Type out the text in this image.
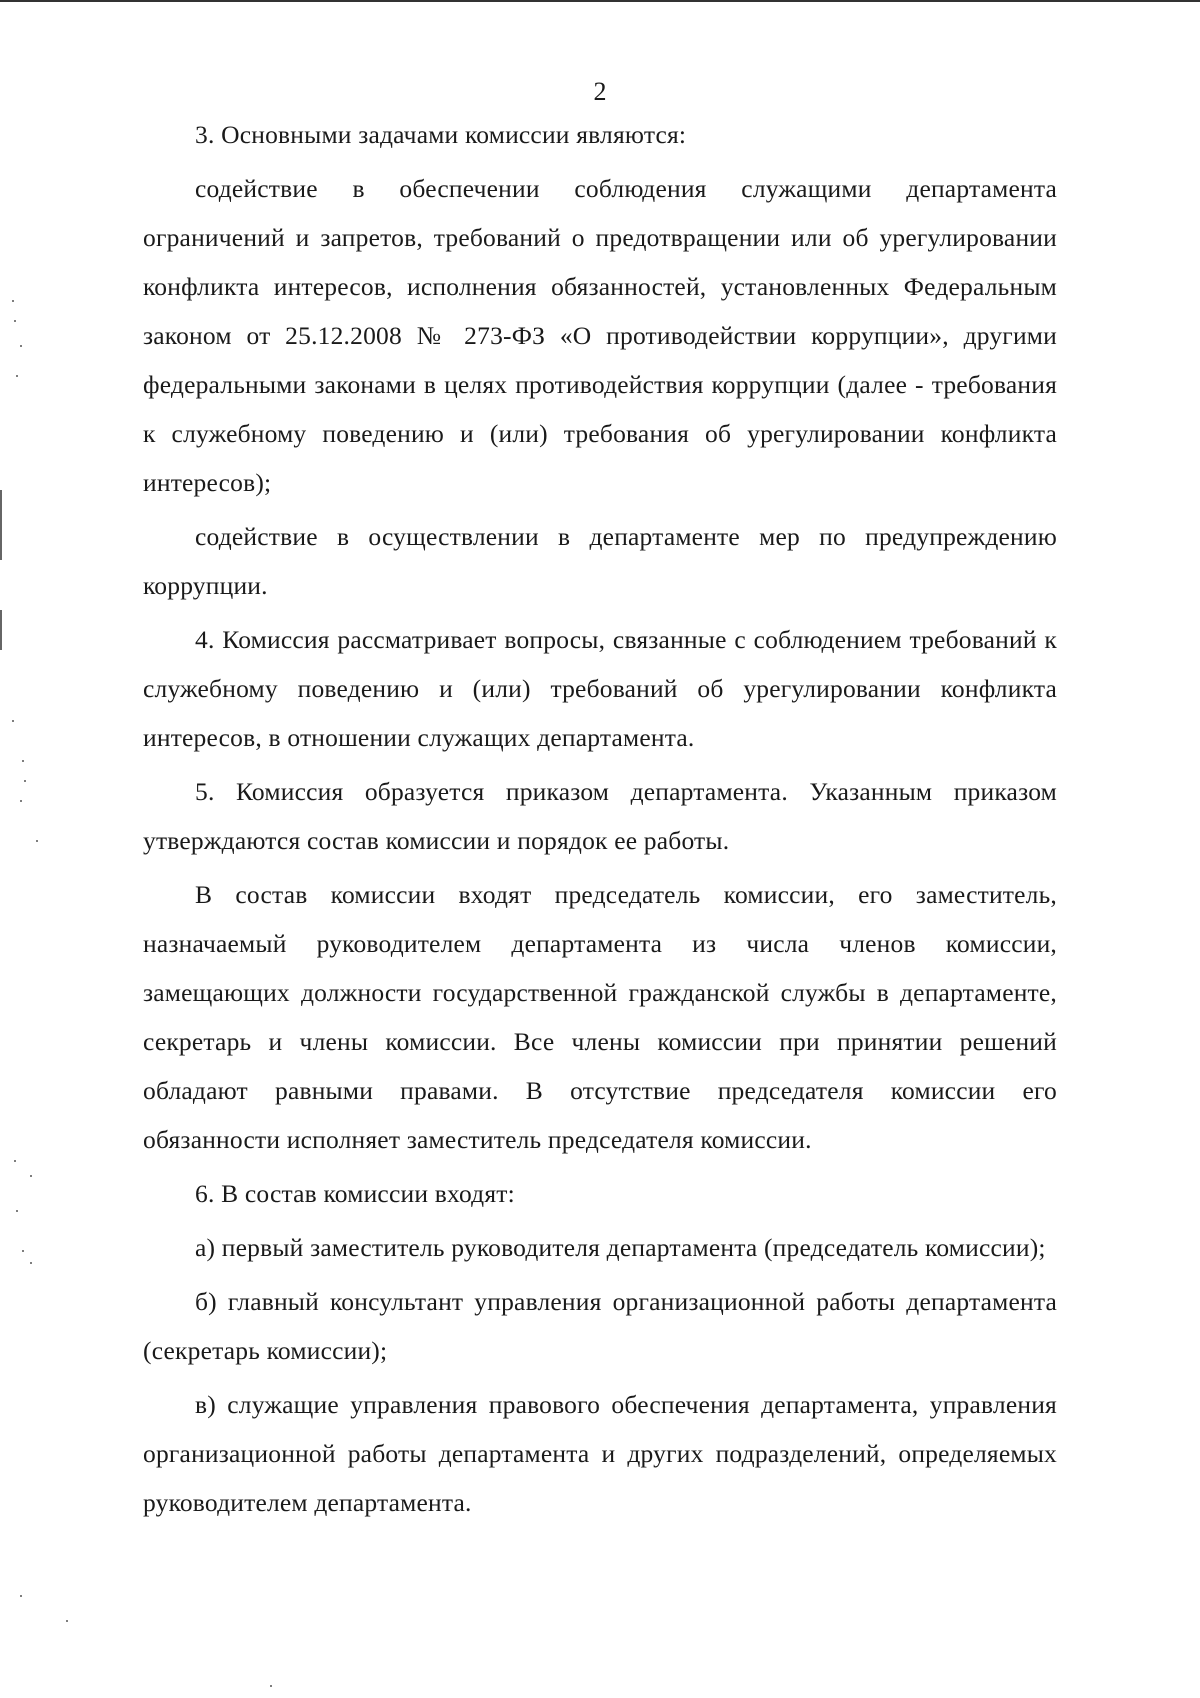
2

3. Основными задачами комиссии являются:

содействие в обеспечении соблюдения служащими департамента ограничений и запретов, требований о предотвращении или об урегулировании конфликта интересов, исполнения обязанностей, установленных Федеральным законом от 25.12.2008 № 273-ФЗ «О противодействии коррупции», другими федеральными законами в целях противодействия коррупции (далее - требования к служебному поведению и (или) требования об урегулировании конфликта интересов);

содействие в осуществлении в департаменте мер по предупреждению коррупции.

4. Комиссия рассматривает вопросы, связанные с соблюдением требований к служебному поведению и (или) требований об урегулировании конфликта интересов, в отношении служащих департамента.

5. Комиссия образуется приказом департамента. Указанным приказом утверждаются состав комиссии и порядок ее работы.

В состав комиссии входят председатель комиссии, его заместитель, назначаемый руководителем департамента из числа членов комиссии, замещающих должности государственной гражданской службы в департаменте, секретарь и члены комиссии. Все члены комиссии при принятии решений обладают равными правами. В отсутствие председателя комиссии его обязанности исполняет заместитель председателя комиссии.

6. В состав комиссии входят:

а) первый заместитель руководителя департамента (председатель комиссии);

б) главный консультант управления организационной работы департамента (секретарь комиссии);

в) служащие управления правового обеспечения департамента, управления организационной работы департамента и других подразделений, определяемых руководителем департамента.
